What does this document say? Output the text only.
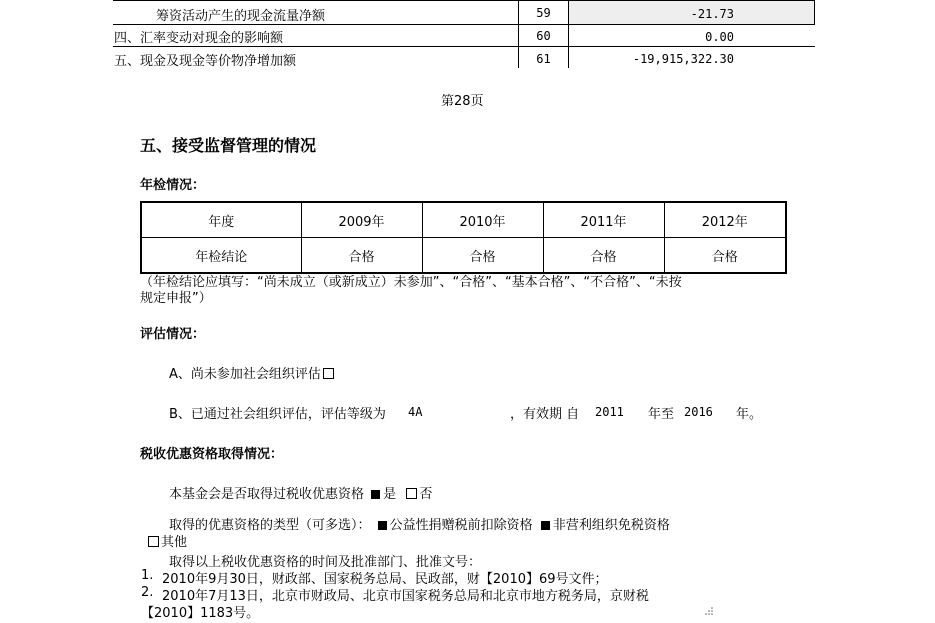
筹资活动产生的现金流量净额	59	-21.73
四、汇率变动对现金的影响额	60	0.00
五、现金及现金等价物净增加额	61	-19,915,322.30
第28页
五、接受监督管理的情况
年检情况：
年度	2009年	2010年	2011年	2012年
年检结论	合格	合格	合格	合格
（年检结论应填写：“尚未成立（或新成立）未参加”、“合格”、“基本合格”、“不合格”、“未按
规定申报”）
评估情况：
A、尚未参加社会组织评估
B、已通过社会组织评估，评估等级为 4A	，有效期 自 2011 年至 2016 年。
税收优惠资格取得情况：
本基金会是否取得过税收优惠资格 是 否
取得的优惠资格的类型（可多选）： 公益性捐赠税前扣除资格 非营利组织免税资格
其他
取得以上税收优惠资格的时间及批准部门、批准文号：
1. 2010年9月30日，财政部、国家税务总局、民政部，财【2010】69号文件；
2. 2010年7月13日，北京市财政局、北京市国家税务总局和北京市地方税务局，京财税
【2010】1183号。
